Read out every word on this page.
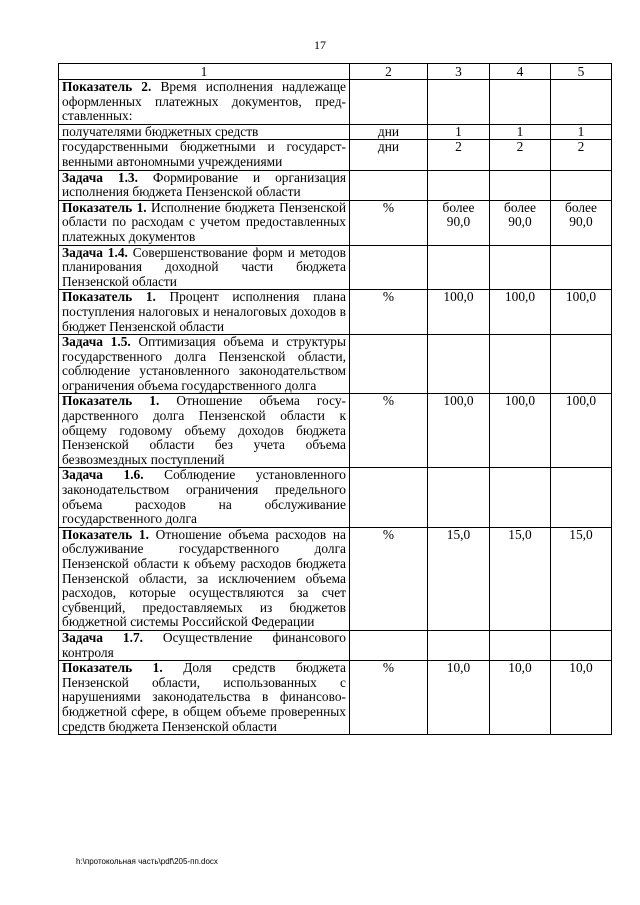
17
1	2	3	4	5
Показатель 2. Время исполнения надлежаще оформленных платежных документов, представленных:				
получателями бюджетных средств	дни	1	1	1
государственными бюджетными и государственными автономными учреждениями	дни	2	2	2
Задача 1.3. Формирование и организация исполнения бюджета Пензенской области				
Показатель 1. Исполнение бюджета Пензенской области по расходам с учетом предоставленных платежных документов	%	более 90,0	более 90,0	более 90,0
Задача 1.4. Совершенствование форм и методов планирования доходной части бюджета Пензенской области				
Показатель 1. Процент исполнения плана поступления налоговых и неналоговых доходов в бюджет Пензенской области	%	100,0	100,0	100,0
Задача 1.5. Оптимизация объема и структуры государственного долга Пензенской области, соблюдение установленного законодательством ограничения объема государственного долга				
Показатель 1. Отношение объема государственного долга Пензенской области к общему годовому объему доходов бюджета Пензенской области без учета объема безвозмездных поступлений	%	100,0	100,0	100,0
Задача 1.6. Соблюдение установленного законодательством ограничения предельного объема расходов на обслуживание государственного долга				
Показатель 1. Отношение объема расходов на обслуживание государственного долга Пензенской области к объему расходов бюджета Пензенской области, за исключением объема расходов, которые осуществляются за счет субвенций, предоставляемых из бюджетов бюджетной системы Российской Федерации	%	15,0	15,0	15,0
Задача 1.7. Осуществление финансового контроля				
Показатель 1. Доля средств бюджета Пензенской области, использованных с нарушениями законодательства в финансово-бюджетной сфере, в общем объеме проверенных средств бюджета Пензенской области	%	10,0	10,0	10,0
h:\протокольная часть\pdf\205-пп.docx
